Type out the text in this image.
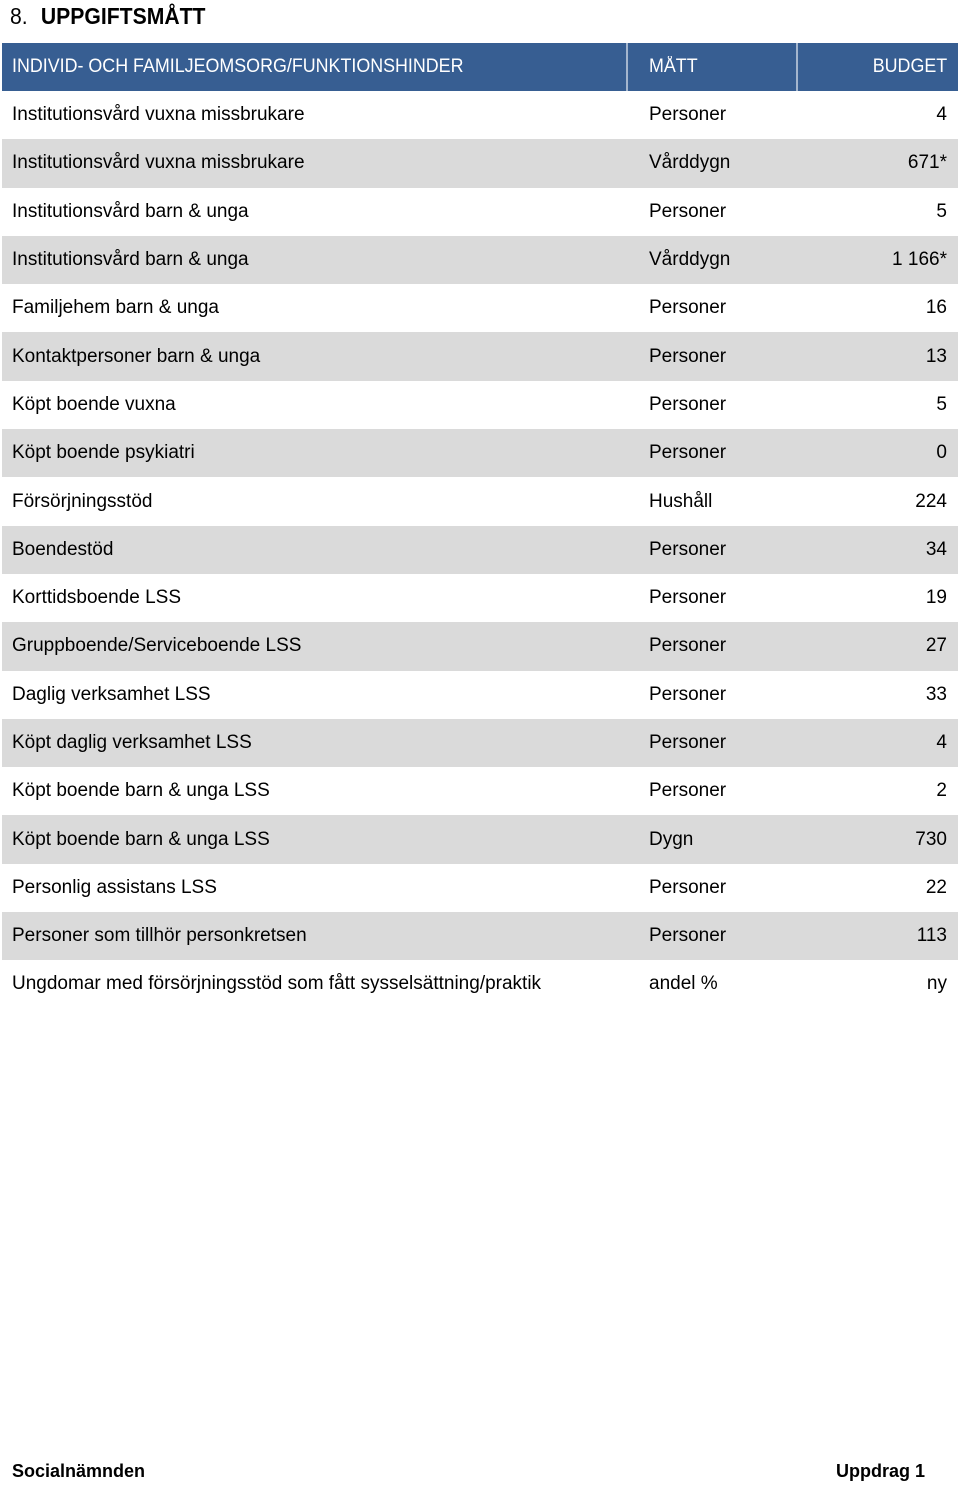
8. UPPGIFTSMÅTT
INDIVID- OCH FAMILJEOMSORG/FUNKTIONSHINDER	MÅTT	BUDGET
Institutionsvård vuxna missbrukare	Personer	4
Institutionsvård vuxna missbrukare	Vårddygn	671*
Institutionsvård barn & unga	Personer	5
Institutionsvård barn & unga	Vårddygn	1 166*
Familjehem barn & unga	Personer	16
Kontaktpersoner barn & unga	Personer	13
Köpt boende vuxna	Personer	5
Köpt boende psykiatri	Personer	0
Försörjningsstöd	Hushåll	224
Boendestöd	Personer	34
Korttidsboende LSS	Personer	19
Gruppboende/Serviceboende LSS	Personer	27
Daglig verksamhet LSS	Personer	33
Köpt daglig verksamhet LSS	Personer	4
Köpt boende barn & unga LSS	Personer	2
Köpt boende barn & unga LSS	Dygn	730
Personlig assistans LSS	Personer	22
Personer som tillhör personkretsen	Personer	113
Ungdomar med försörjningsstöd som fått sysselsättning/praktik	andel %	ny
Socialnämnden	Uppdrag 1
